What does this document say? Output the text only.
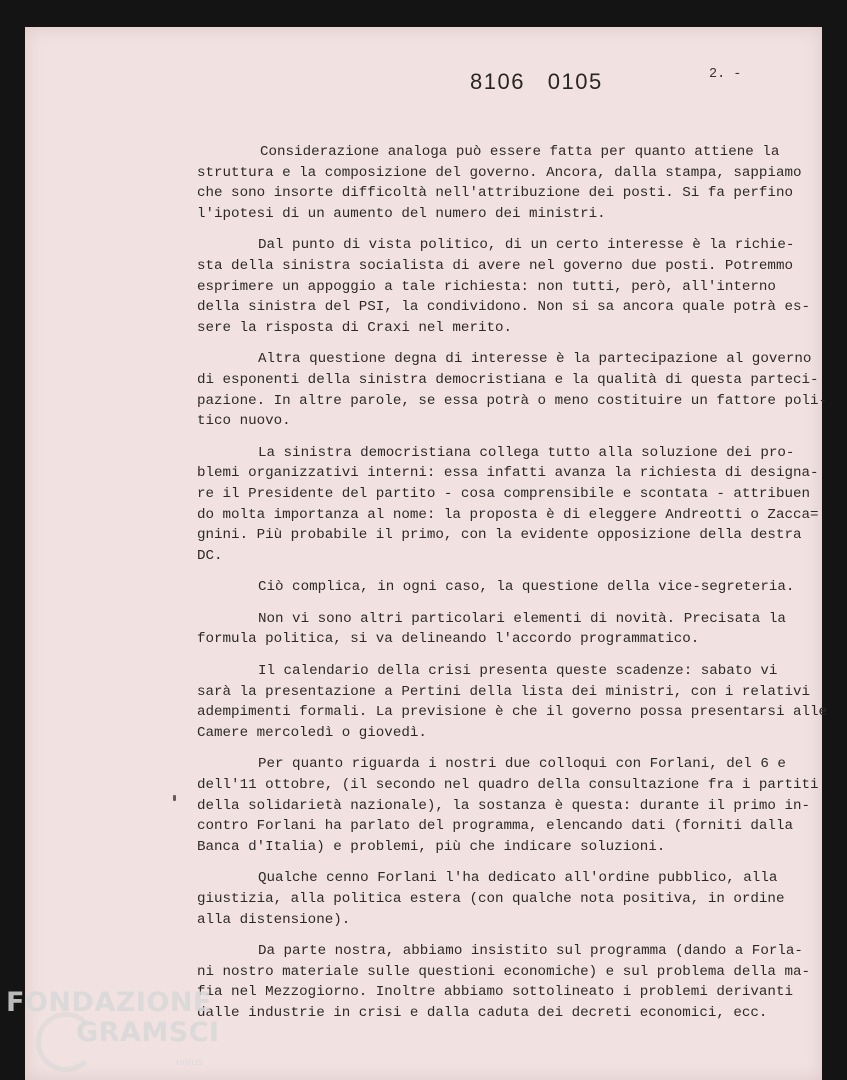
8106   0105	2. -
Considerazione analoga può essere fatta per quanto attiene la
struttura e la composizione del governo. Ancora, dalla stampa, sappiamo
che sono insorte difficoltà nell'attribuzione dei posti. Si fa perfino
l'ipotesi di un aumento del numero dei ministri.
Dal punto di vista politico, di un certo interesse è la richie-
sta della sinistra socialista di avere nel governo due posti. Potremmo
esprimere un appoggio a tale richiesta: non tutti, però, all'interno
della sinistra del PSI, la condividono. Non si sa ancora quale potrà es-
sere la risposta di Craxi nel merito.
Altra questione degna di interesse è la partecipazione al governo
di esponenti della sinistra democristiana e la qualità di questa parteci-
pazione. In altre parole, se essa potrà o meno costituire un fattore poli-
tico nuovo.
La sinistra democristiana collega tutto alla soluzione dei pro-
blemi organizzativi interni: essa infatti avanza la richiesta di designa-
re il Presidente del partito - cosa comprensibile e scontata - attribuen
do molta importanza al nome: la proposta è di eleggere Andreotti o Zacca=
gnini. Più probabile il primo, con la evidente opposizione della destra
DC.
Ciò complica, in ogni caso, la questione della vice-segreteria.
Non vi sono altri particolari elementi di novità. Precisata la
formula politica, si va delineando l'accordo programmatico.
Il calendario della crisi presenta queste scadenze: sabato vi
sarà la presentazione a Pertini della lista dei ministri, con i relativi
adempimenti formali. La previsione è che il governo possa presentarsi alle
Camere mercoledì o giovedì.
Per quanto riguarda i nostri due colloqui con Forlani, del 6 e
dell'11 ottobre, (il secondo nel quadro della consultazione fra i partiti
della solidarietà nazionale), la sostanza è questa: durante il primo in-
contro Forlani ha parlato del programma, elencando dati (forniti dalla
Banca d'Italia) e problemi, più che indicare soluzioni.
Qualche cenno Forlani l'ha dedicato all'ordine pubblico, alla
giustizia, alla politica estera (con qualche nota positiva, in ordine
alla distensione).
Da parte nostra, abbiamo insistito sul programma (dando a Forla-
ni nostro materiale sulle questioni economiche) e sul problema della ma-
fia nel Mezzogiorno. Inoltre abbiamo sottolineato i problemi derivanti
dalle industrie in crisi e dalla caduta dei decreti economici, ecc.
FONDAZIONE
GRAMSCI
onlus
